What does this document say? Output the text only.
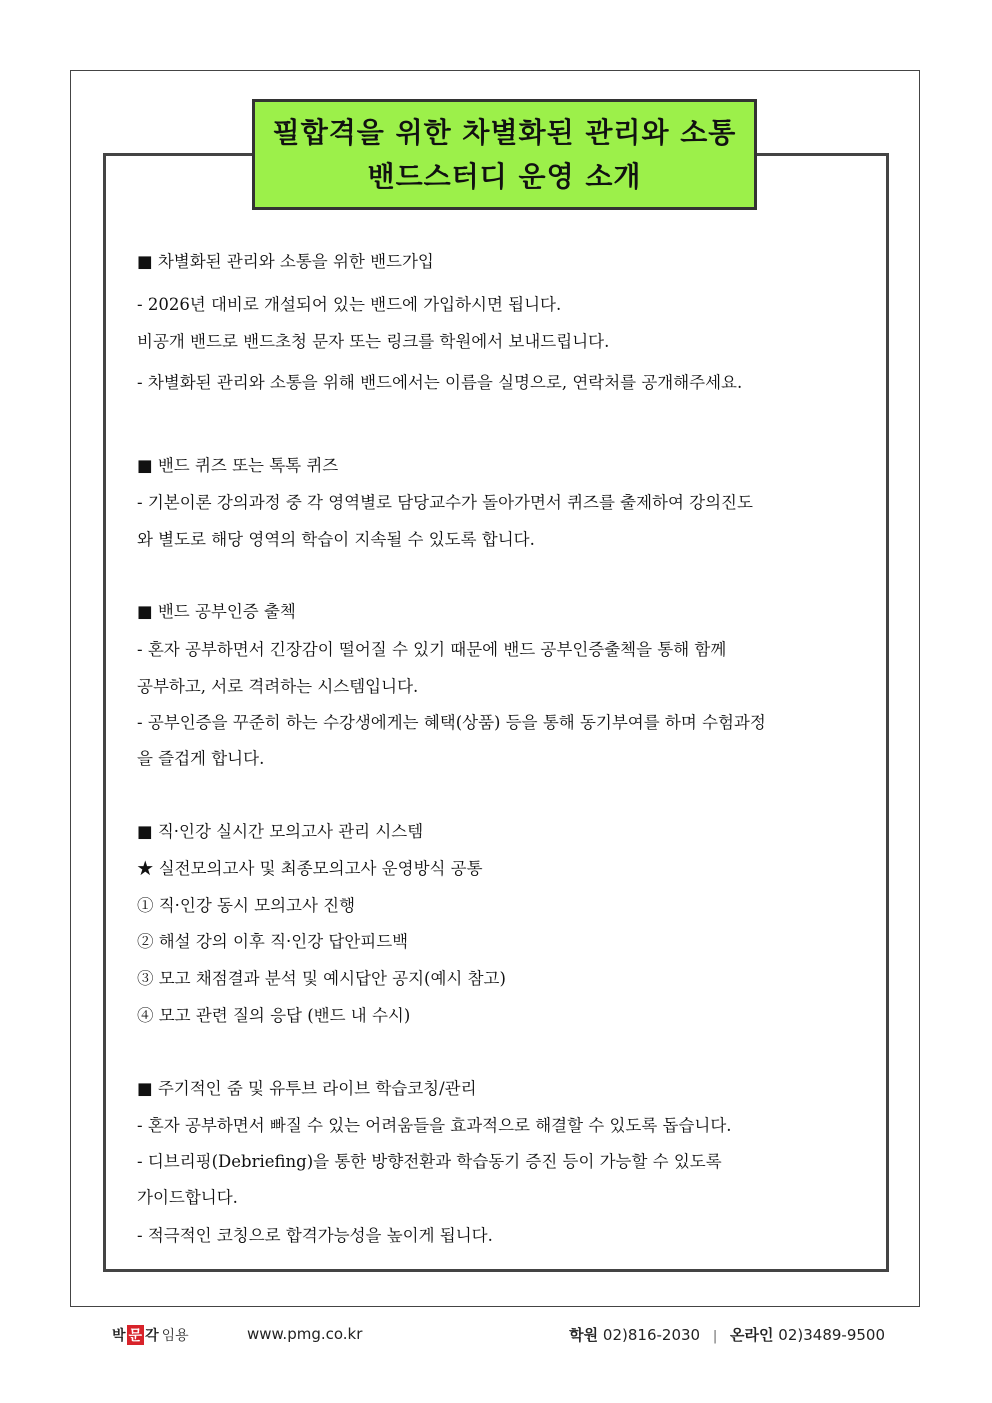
필합격을 위한 차별화된 관리와 소통
밴드스터디 운영 소개
■ 차별화된 관리와 소통을 위한 밴드가입
- 2026년 대비로 개설되어 있는 밴드에 가입하시면 됩니다.
비공개 밴드로 밴드초청 문자 또는 링크를 학원에서 보내드립니다.
- 차별화된 관리와 소통을 위해 밴드에서는 이름을 실명으로, 연락처를 공개해주세요.
■ 밴드 퀴즈 또는 톡톡 퀴즈
- 기본이론 강의과정 중 각 영역별로 담당교수가 돌아가면서 퀴즈를 출제하여 강의진도
와 별도로 해당 영역의 학습이 지속될 수 있도록 합니다.
■ 밴드 공부인증 출첵
- 혼자 공부하면서 긴장감이 떨어질 수 있기 때문에 밴드 공부인증출첵을 통해 함께
공부하고, 서로 격려하는 시스템입니다.
- 공부인증을 꾸준히 하는 수강생에게는 혜택(상품) 등을 통해 동기부여를 하며 수험과정
을 즐겁게 합니다.
■ 직·인강 실시간 모의고사 관리 시스템
★ 실전모의고사 및 최종모의고사 운영방식 공통
① 직·인강 동시 모의고사 진행
② 해설 강의 이후 직·인강 답안피드백
③ 모고 채점결과 분석 및 예시답안 공지(예시 참고)
④ 모고 관련 질의 응답 (밴드 내 수시)
■ 주기적인 줌 및 유투브 라이브 학습코칭/관리
- 혼자 공부하면서 빠질 수 있는 어려움들을 효과적으로 해결할 수 있도록 돕습니다.
- 디브리핑(Debriefing)을 통한 방향전환과 학습동기 증진 등이 가능할 수 있도록
가이드합니다.
- 적극적인 코칭으로 합격가능성을 높이게 됩니다.
박 문 각 임용	www.pmg.co.kr	학원 02)816-2030 | 온라인 02)3489-9500
